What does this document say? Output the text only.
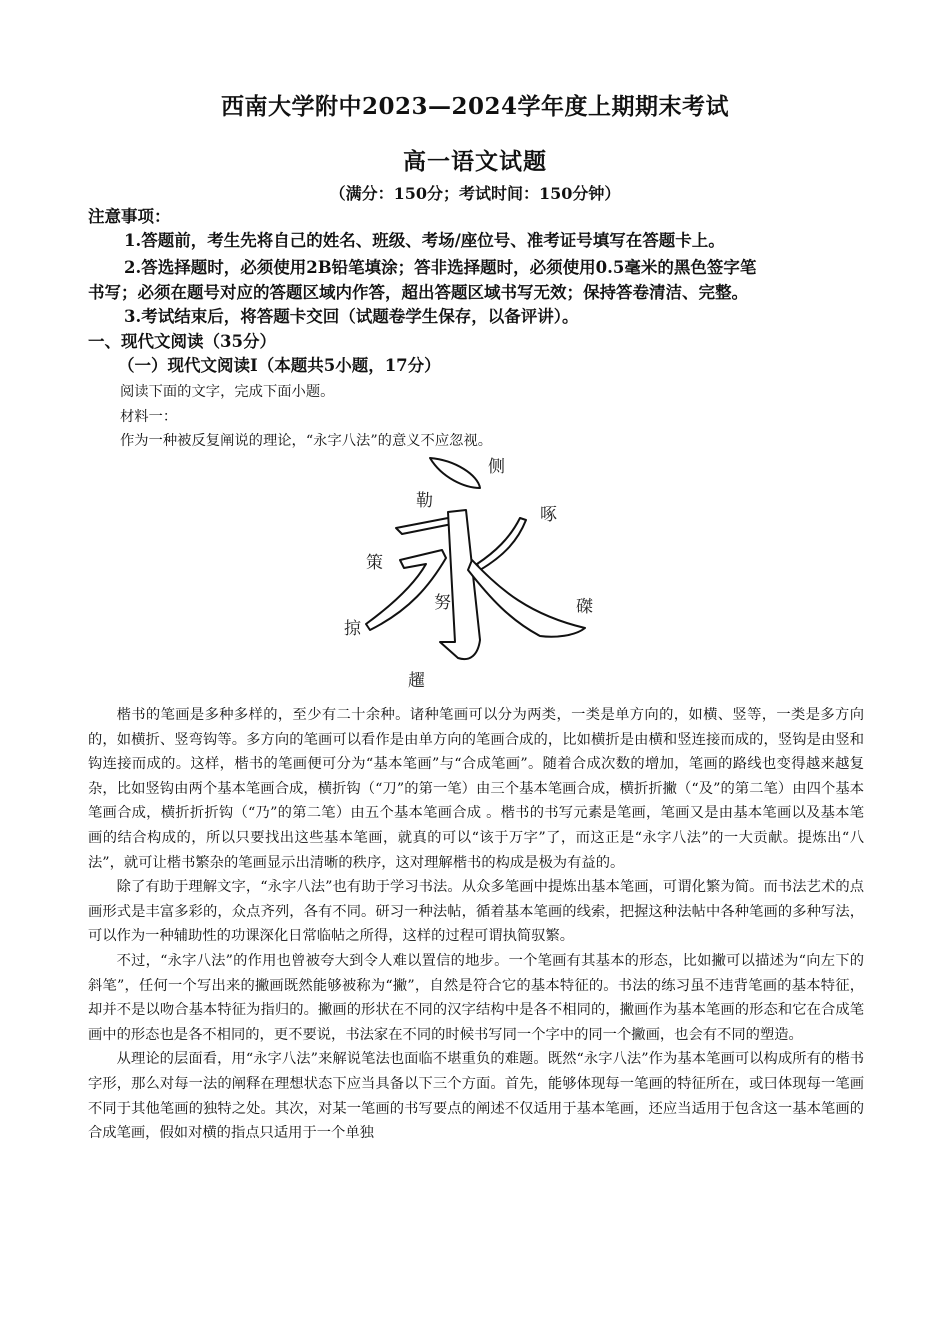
西南大学附中2023—2024学年度上期期末考试
高一语文试题
（满分：150分；考试时间：150分钟）
注意事项：
1.答题前，考生先将自己的姓名、班级、考场/座位号、准考证号填写在答题卡上。
2.答选择题时，必须使用2B铅笔填涂；答非选择题时，必须使用0.5毫米的黑色签字笔
书写；必须在题号对应的答题区域内作答，超出答题区域书写无效；保持答卷清洁、完整。
3.考试结束后，将答题卡交回（试题卷学生保存，以备评讲）。
一、现代文阅读（35分）
（一）现代文阅读Ⅰ（本题共5小题，17分）
阅读下面的文字，完成下面小题。
材料一：
作为一种被反复阐说的理论，“永字八法”的意义不应忽视。
侧
勒
啄
策
努	磔
掠
趯

楷书的笔画是多种多样的，至少有二十余种。诸种笔画可以分为两类，一类是单方向的，如横、竖等，一类是多方向的，如横折、竖弯钩等。多方向的笔画可以看作是由单方向的笔画合成的，比如横折是由横和竖连接而成的，竖钩是由竖和钩连接而成的。这样，楷书的笔画便可分为“基本笔画”与“合成笔画”。随着合成次数的增加，笔画的路线也变得越来越复杂，比如竖钩由两个基本笔画合成，横折钩（“刀”的第一笔）由三个基本笔画合成，横折折撇（“及”的第二笔）由四个基本笔画合成，横折折折钩（“乃”的第二笔）由五个基本笔画合成 。楷书的书写元素是笔画，笔画又是由基本笔画以及基本笔画的结合构成的，所以只要找出这些基本笔画，就真的可以“该于万字”了，而这正是“永字八法”的一大贡献。提炼出“八法”，就可让楷书繁杂的笔画显示出清晰的秩序，这对理解楷书的构成是极为有益的。

除了有助于理解文字，“永字八法”也有助于学习书法。从众多笔画中提炼出基本笔画，可谓化繁为简。而书法艺术的点画形式是丰富多彩的，众点齐列，各有不同。研习一种法帖，循着基本笔画的线索，把握这种法帖中各种笔画的多种写法，可以作为一种辅助性的功课深化日常临帖之所得，这样的过程可谓执简驭繁。

不过，“永字八法”的作用也曾被夸大到令人难以置信的地步。一个笔画有其基本的形态，比如撇可以描述为“向左下的斜笔”，任何一个写出来的撇画既然能够被称为“撇”，自然是符合它的基本特征的。书法的练习虽不违背笔画的基本特征，却并不是以吻合基本特征为指归的。撇画的形状在不同的汉字结构中是各不相同的，撇画作为基本笔画的形态和它在合成笔画中的形态也是各不相同的，更不要说，书法家在不同的时候书写同一个字中的同一个撇画，也会有不同的塑造。

从理论的层面看，用“永字八法”来解说笔法也面临不堪重负的难题。既然“永字八法”作为基本笔画可以构成所有的楷书字形，那么对每一法的阐释在理想状态下应当具备以下三个方面。首先，能够体现每一笔画的特征所在，或曰体现每一笔画不同于其他笔画的独特之处。其次，对某一笔画的书写要点的阐述不仅适用于基本笔画，还应当适用于包含这一基本笔画的合成笔画，假如对横的指点只适用于一个单独
